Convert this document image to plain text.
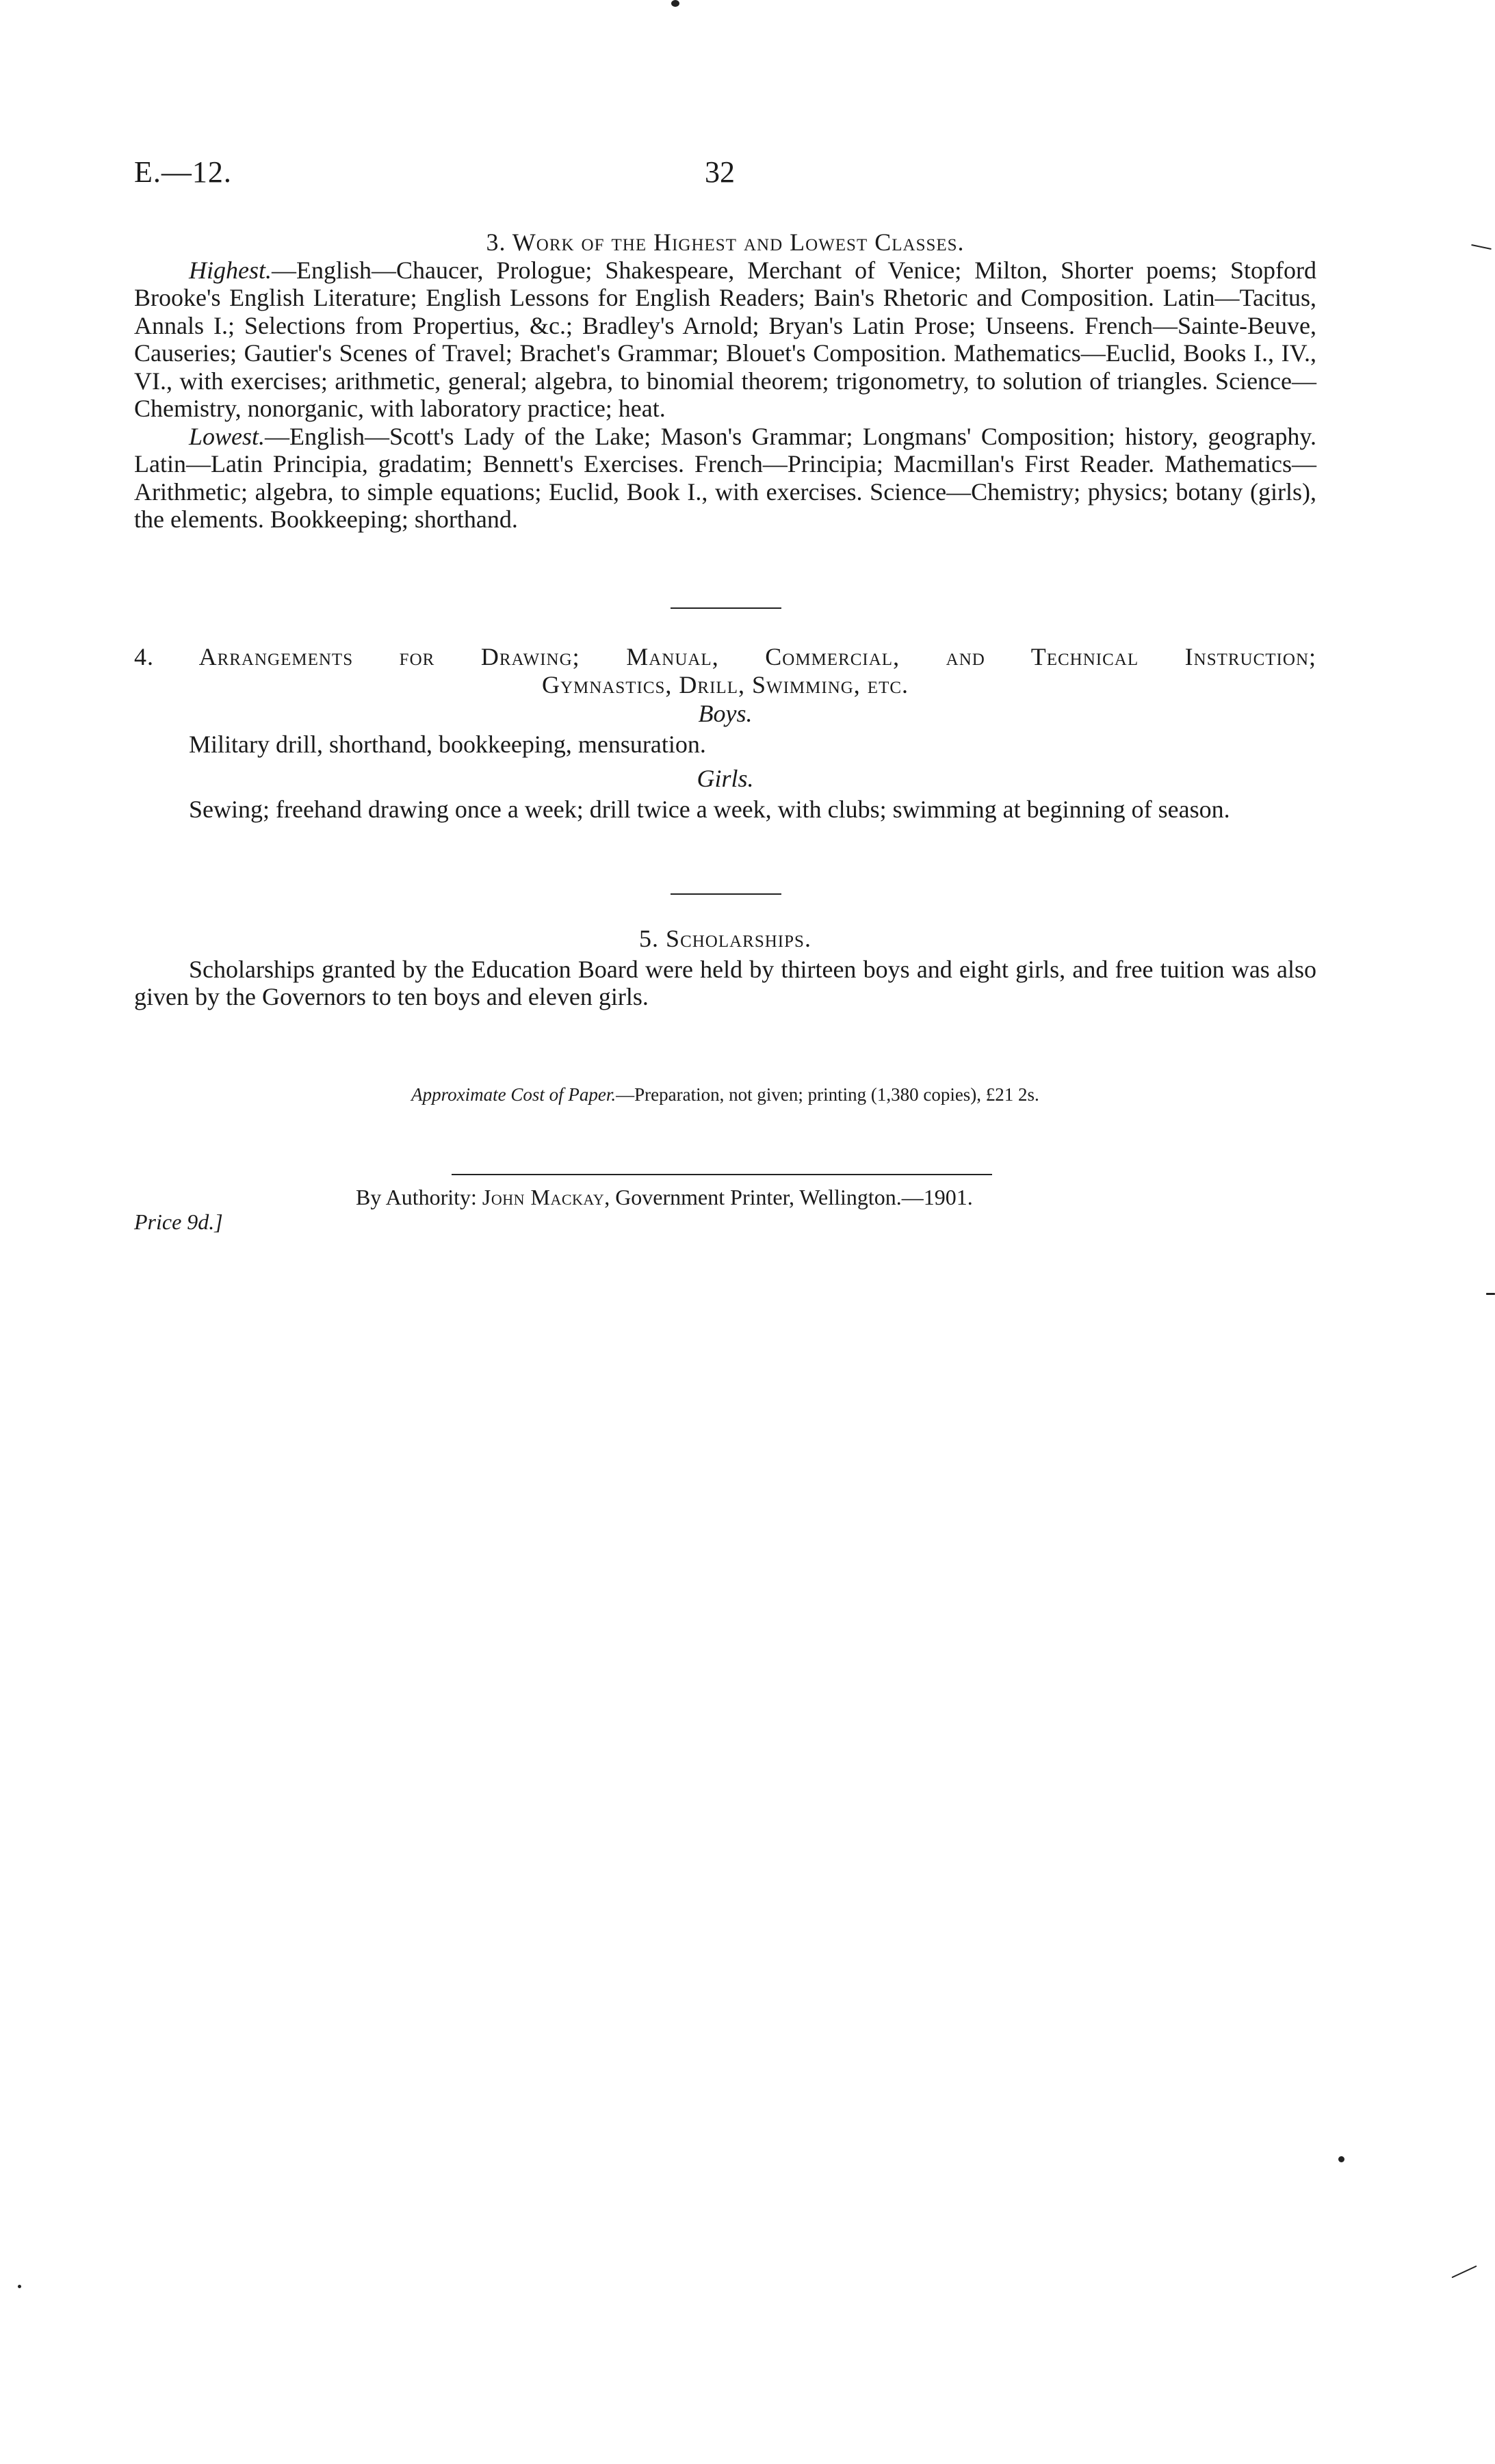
E.—12.	32
3. Work of the Highest and Lowest Classes.

Highest.—English—Chaucer, Prologue; Shakespeare, Merchant of Venice; Milton, Shorter poems; Stopford Brooke's English Literature; English Lessons for English Readers; Bain's Rhetoric and Composition. Latin—Tacitus, Annals I.; Selections from Propertius, &c.; Bradley's Arnold; Bryan's Latin Prose; Unseens. French—Sainte-Beuve, Causeries; Gautier's Scenes of Travel; Brachet's Grammar; Blouet's Composition. Mathematics—Euclid, Books I., IV., VI., with exercises; arithmetic, general; algebra, to binomial theorem; trigonometry, to solution of triangles. Science—Chemistry, nonorganic, with laboratory practice; heat.

Lowest.—English—Scott's Lady of the Lake; Mason's Grammar; Longmans' Composition; history, geography. Latin—Latin Principia, gradatim; Bennett's Exercises. French—Principia; Macmillan's First Reader. Mathematics—Arithmetic; algebra, to simple equations; Euclid, Book I., with exercises. Science—Chemistry; physics; botany (girls), the elements. Bookkeeping; shorthand.

4. Arrangements for Drawing; Manual, Commercial, and Technical Instruction;
Gymnastics, Drill, Swimming, etc.
Boys.

Military drill, shorthand, bookkeeping, mensuration.

Girls.

Sewing; freehand drawing once a week; drill twice a week, with clubs; swimming at beginning of season.

5. Scholarships.

Scholarships granted by the Education Board were held by thirteen boys and eight girls, and free tuition was also given by the Governors to ten boys and eleven girls.

Approximate Cost of Paper.—Preparation, not given; printing (1,380 copies), £21 2s.
By Authority: John Mackay, Government Printer, Wellington.—1901.
Price 9d.]
